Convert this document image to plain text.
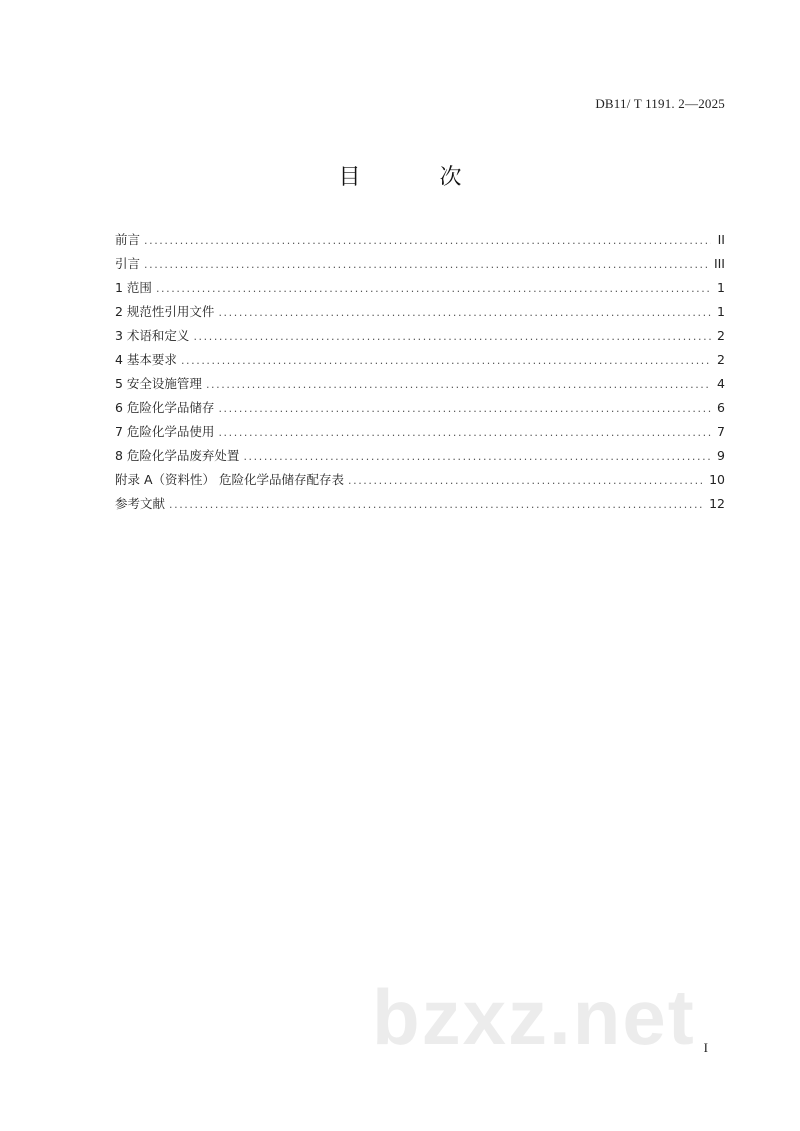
DB11/ T 1191. 2—2025
目 次
前言 .....	II
引言 .....	III
1 范围 .....	1
2 规范性引用文件 .....	1
3 术语和定义 .....	2
4 基本要求 .....	2
5 安全设施管理 .....	4
6 危险化学品储存 .....	6
7 危险化学品使用 .....	7
8 危险化学品废弃处置 .....	9
附录 A（资料性） 危险化学品储存配存表 .....	10
参考文献 .....	12
bzxz.net I
